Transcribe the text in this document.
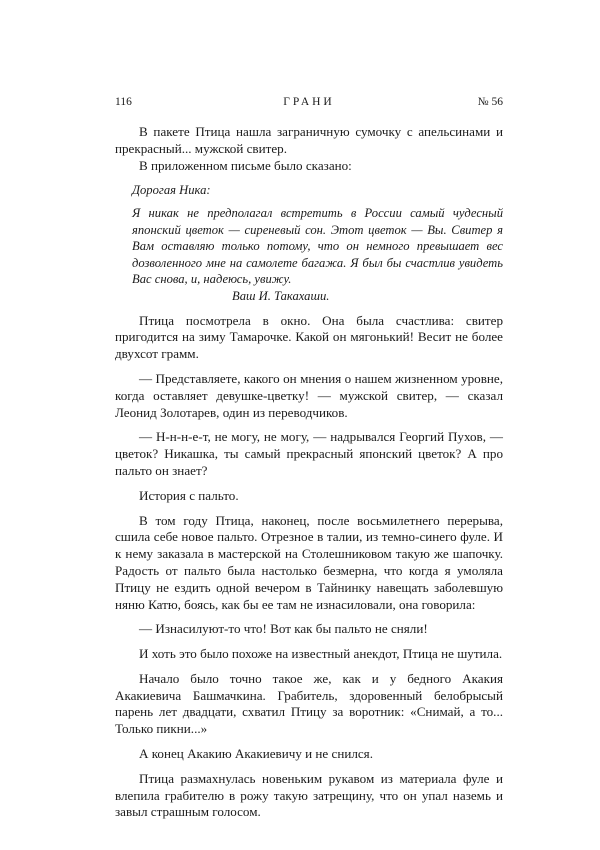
116	ГРАНИ	№ 56

В пакете Птица нашла заграничную сумочку с апельсинами и прекрасный... мужской свитер.

В приложенном письме было сказано:

Дорогая Ника:

Я никак не предполагал встретить в России самый чудесный японский цветок — сиреневый сон. Этот цветок — Вы. Свитер я Вам оставляю только потому, что он немного превышает вес дозволенного мне на самолете багажа. Я был бы счастлив увидеть Вас снова, и, надеюсь, увижу.

Ваш И. Такахаши.

Птица посмотрела в окно. Она была счастлива: свитер пригодится на зиму Тамарочке. Какой он мягонький! Весит не более двухсот грамм.

— Представляете, какого он мнения о нашем жизненном уровне, когда оставляет девушке-цветку! — мужской свитер, — сказал Леонид Золотарев, один из переводчиков.

— Н-н-н-е-т, не могу, не могу, — надрывался Георгий Пухов, — цветок? Никашка, ты самый прекрасный японский цветок? А про пальто он знает?

История с пальто.

В том году Птица, наконец, после восьмилетнего перерыва, сшила себе новое пальто. Отрезное в талии, из темно-синего фуле. И к нему заказала в мастерской на Столешниковом такую же шапочку. Радость от пальто была настолько безмерна, что когда я умоляла Птицу не ездить одной вечером в Тайнинку навещать заболевшую няню Катю, боясь, как бы ее там не изнасиловали, она говорила:

— Изнасилуют-то что! Вот как бы пальто не сняли!

И хоть это было похоже на известный анекдот, Птица не шутила.

Начало было точно такое же, как и у бедного Акакия Акакиевича Башмачкина. Грабитель, здоровенный белобрысый парень лет двадцати, схватил Птицу за воротник: «Снимай, а то... Только пикни...»

А конец Акакию Акакиевичу и не снился.

Птица размахнулась новеньким рукавом из материала фуле и влепила грабителю в рожу такую затрещину, что он упал наземь и завыл страшным голосом.
